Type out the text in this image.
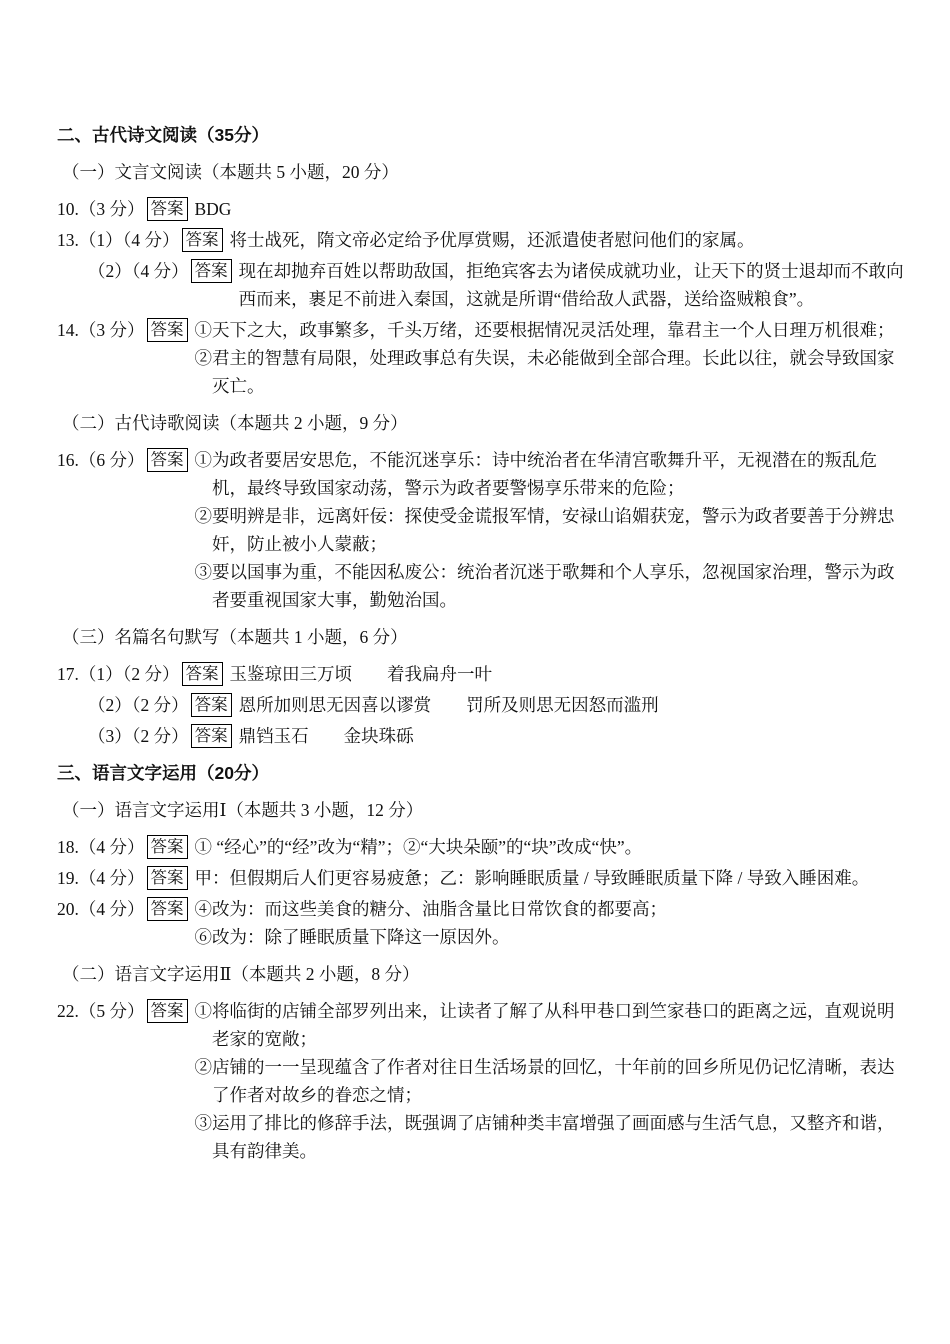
二、古代诗文阅读（35分）
（一）文言文阅读（本题共 5 小题，20 分）
10.（3 分） 答案 BDG
13.（1）（4 分） 答案 将士战死，隋文帝必定给予优厚赏赐，还派遣使者慰问他们的家属。
（2）（4 分） 答案 现在却抛弃百姓以帮助敌国，拒绝宾客去为诸侯成就功业，让天下的贤士退却而不敢向西而来，裹足不前进入秦国，这就是所谓“借给敌人武器，送给盗贼粮食”。
14.（3 分） 答案 ①天下之大，政事繁多，千头万绪，还要根据情况灵活处理，靠君主一个人日理万机很难；
②君主的智慧有局限，处理政事总有失误，未必能做到全部合理。长此以往，就会导致国家灭亡。
（二）古代诗歌阅读（本题共 2 小题，9 分）
16.（6 分） 答案 ①为政者要居安思危，不能沉迷享乐：诗中统治者在华清宫歌舞升平，无视潜在的叛乱危机，最终导致国家动荡，警示为政者要警惕享乐带来的危险；
②要明辨是非，远离奸佞：探使受金谎报军情，安禄山谄媚获宠，警示为政者要善于分辨忠奸，防止被小人蒙蔽；
③要以国事为重，不能因私废公：统治者沉迷于歌舞和个人享乐，忽视国家治理，警示为政者要重视国家大事，勤勉治国。
（三）名篇名句默写（本题共 1 小题，6 分）
17.（1）（2 分） 答案 玉鉴琼田三万顷　　着我扁舟一叶
（2）（2 分） 答案 恩所加则思无因喜以谬赏　　罚所及则思无因怒而滥刑
（3）（2 分） 答案 鼎铛玉石　　金块珠砾
三、语言文字运用（20分）
（一）语言文字运用Ⅰ（本题共 3 小题，12 分）
18.（4 分） 答案 ① “经心”的“经”改为“精”；②“大块朵颐”的“块”改成“快”。
19.（4 分） 答案 甲：但假期后人们更容易疲惫；乙：影响睡眠质量 / 导致睡眠质量下降 / 导致入睡困难。
20.（4 分） 答案 ④改为：而这些美食的糖分、油脂含量比日常饮食的都要高；
⑥改为：除了睡眠质量下降这一原因外。
（二）语言文字运用Ⅱ（本题共 2 小题，8 分）
22.（5 分） 答案 ①将临街的店铺全部罗列出来，让读者了解了从科甲巷口到竺家巷口的距离之远，直观说明老家的宽敞；
②店铺的一一呈现蕴含了作者对往日生活场景的回忆，十年前的回乡所见仍记忆清晰，表达了作者对故乡的眷恋之情；
③运用了排比的修辞手法，既强调了店铺种类丰富增强了画面感与生活气息，又整齐和谐，具有韵律美。
